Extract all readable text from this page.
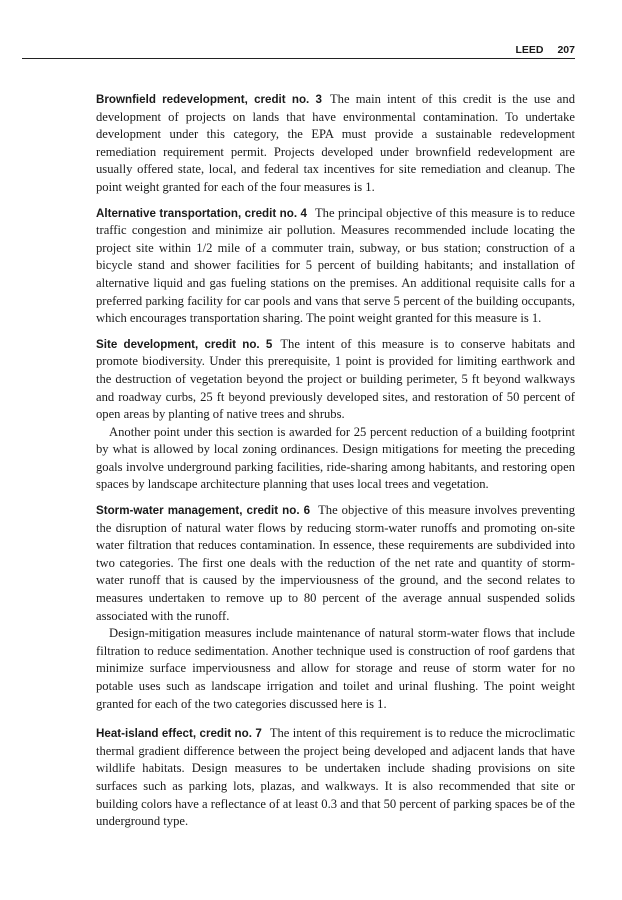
LEED 207

Brownfield redevelopment, credit no. 3 The main intent of this credit is the use and development of projects on lands that have environmental contamination. To undertake development under this category, the EPA must provide a sustainable redevelopment remediation requirement permit. Projects developed under brownfield redevelopment are usually offered state, local, and federal tax incentives for site remediation and cleanup. The point weight granted for each of the four measures is 1.

Alternative transportation, credit no. 4 The principal objective of this measure is to reduce traffic congestion and minimize air pollution. Measures recommended include locating the project site within 1/2 mile of a commuter train, subway, or bus station; construction of a bicycle stand and shower facilities for 5 percent of building habitants; and installation of alternative liquid and gas fueling stations on the premises. An additional requisite calls for a preferred parking facility for car pools and vans that serve 5 percent of the building occupants, which encourages transportation sharing. The point weight granted for this measure is 1.

Site development, credit no. 5 The intent of this measure is to conserve habitats and promote biodiversity. Under this prerequisite, 1 point is provided for limiting earthwork and the destruction of vegetation beyond the project or building perimeter, 5 ft beyond walkways and roadway curbs, 25 ft beyond previously developed sites, and restoration of 50 percent of open areas by planting of native trees and shrubs.

Another point under this section is awarded for 25 percent reduction of a building footprint by what is allowed by local zoning ordinances. Design mitigations for meeting the preceding goals involve underground parking facilities, ride-sharing among habitants, and restoring open spaces by landscape architecture planning that uses local trees and vegetation.

Storm-water management, credit no. 6 The objective of this measure involves preventing the disruption of natural water flows by reducing storm-water runoffs and promoting on-site water filtration that reduces contamination. In essence, these requirements are subdivided into two categories. The first one deals with the reduction of the net rate and quantity of storm-water runoff that is caused by the imperviousness of the ground, and the second relates to measures undertaken to remove up to 80 percent of the average annual suspended solids associated with the runoff.

Design-mitigation measures include maintenance of natural storm-water flows that include filtration to reduce sedimentation. Another technique used is construction of roof gardens that minimize surface imperviousness and allow for storage and reuse of storm water for no potable uses such as landscape irrigation and toilet and urinal flushing. The point weight granted for each of the two categories discussed here is 1.

Heat-island effect, credit no. 7 The intent of this requirement is to reduce the microclimatic thermal gradient difference between the project being developed and adjacent lands that have wildlife habitats. Design measures to be undertaken include shading provisions on site surfaces such as parking lots, plazas, and walkways. It is also recommended that site or building colors have a reflectance of at least 0.3 and that 50 percent of parking spaces be of the underground type.
